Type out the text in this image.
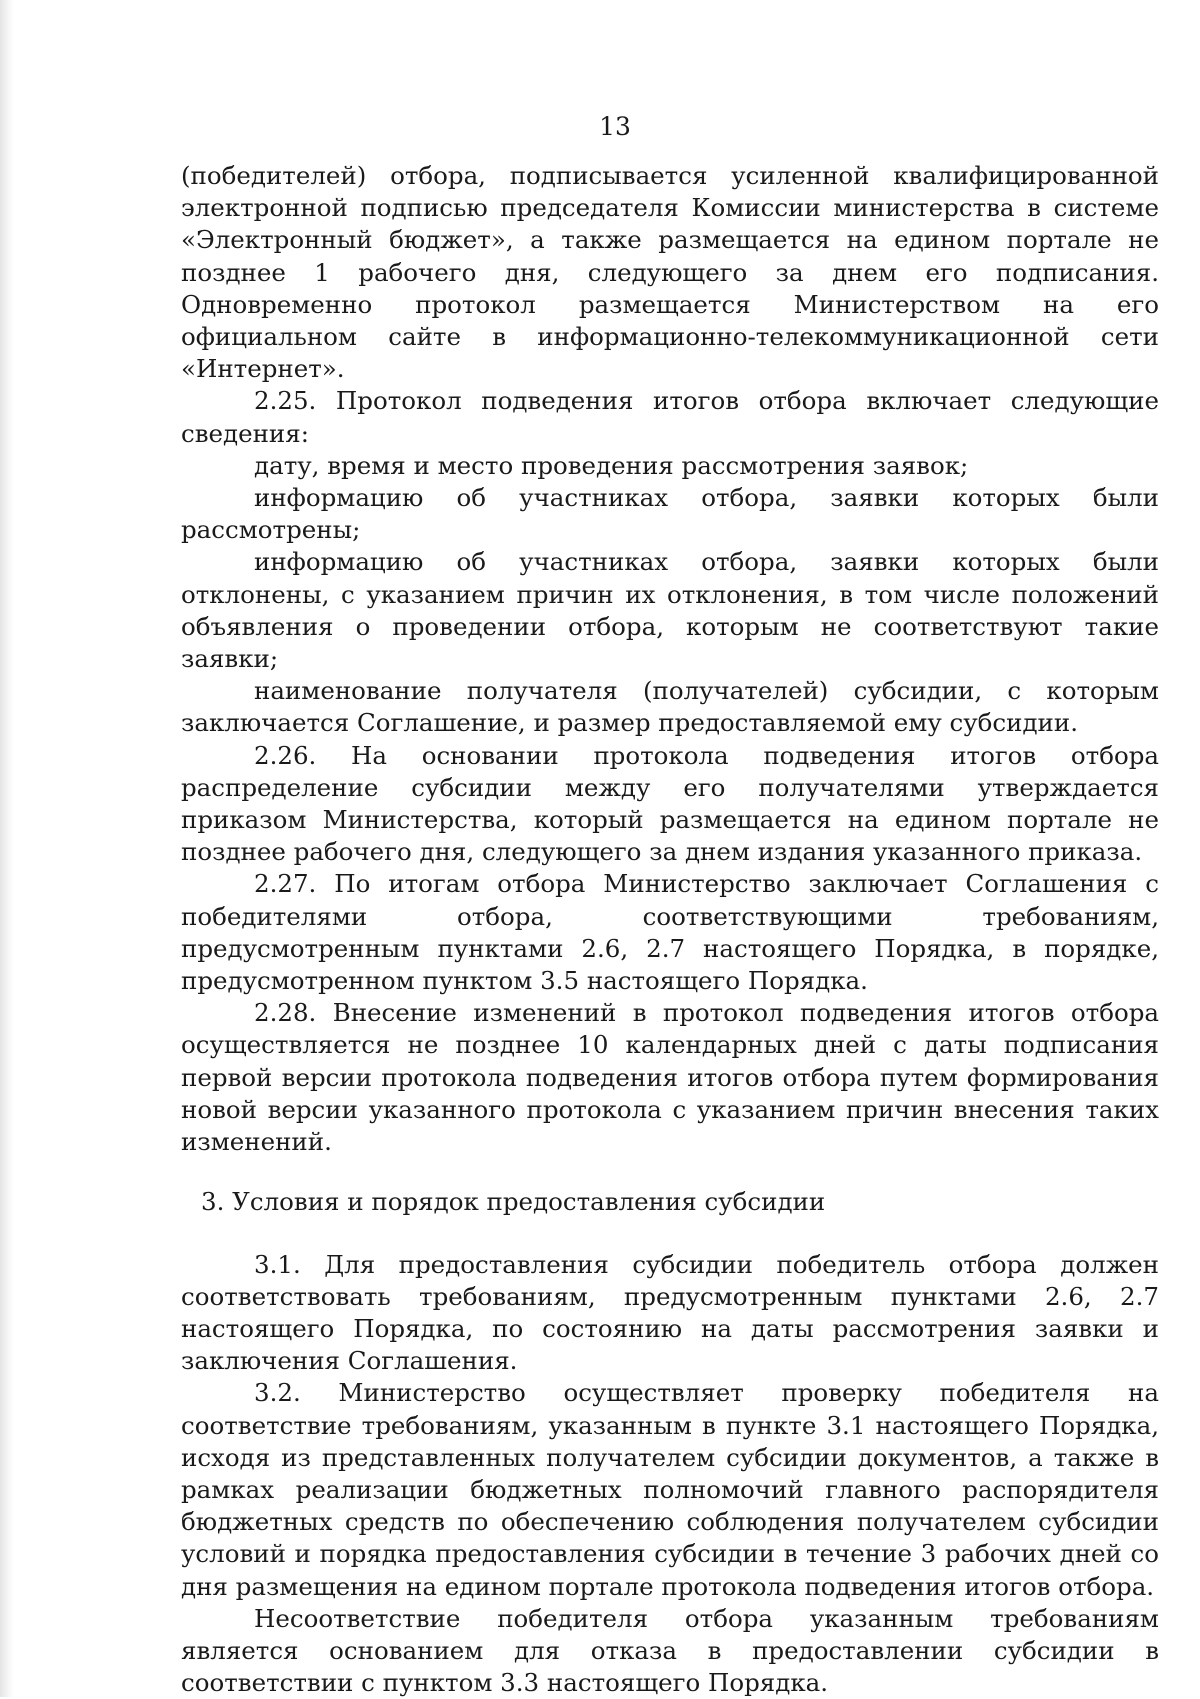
13

(победителей) отбора, подписывается усиленной квалифицированной электронной подписью председателя Комиссии министерства в системе «Электронный бюджет», а также размещается на едином портале не позднее 1 рабочего дня, следующего за днем его подписания. Одновременно протокол размещается Министерством на его официальном сайте в информационно-телекоммуникационной сети «Интернет».

2.25. Протокол подведения итогов отбора включает следующие сведения:

дату, время и место проведения рассмотрения заявок;

информацию об участниках отбора, заявки которых были рассмотрены;

информацию об участниках отбора, заявки которых были отклонены, с указанием причин их отклонения, в том числе положений объявления о проведении отбора, которым не соответствуют такие заявки;

наименование получателя (получателей) субсидии, с которым заключается Соглашение, и размер предоставляемой ему субсидии.

2.26. На основании протокола подведения итогов отбора распределение субсидии между его получателями утверждается приказом Министерства, который размещается на едином портале не позднее рабочего дня, следующего за днем издания указанного приказа.

2.27. По итогам отбора Министерство заключает Соглашения с победителями отбора, соответствующими требованиям, предусмотренным пунктами 2.6, 2.7 настоящего Порядка, в порядке, предусмотренном пунктом 3.5 настоящего Порядка.

2.28. Внесение изменений в протокол подведения итогов отбора осуществляется не позднее 10 календарных дней с даты подписания первой версии протокола подведения итогов отбора путем формирования новой версии указанного протокола с указанием причин внесения таких изменений.

3. Условия и порядок предоставления субсидии

3.1. Для предоставления субсидии победитель отбора должен соответствовать требованиям, предусмотренным пунктами 2.6, 2.7 настоящего Порядка, по состоянию на даты рассмотрения заявки и заключения Соглашения.

3.2. Министерство осуществляет проверку победителя на соответствие требованиям, указанным в пункте 3.1 настоящего Порядка, исходя из представленных получателем субсидии документов, а также в рамках реализации бюджетных полномочий главного распорядителя бюджетных средств по обеспечению соблюдения получателем субсидии условий и порядка предоставления субсидии в течение 3 рабочих дней со дня размещения на едином портале протокола подведения итогов отбора.

Несоответствие победителя отбора указанным требованиям является основанием для отказа в предоставлении субсидии в соответствии с пунктом 3.3 настоящего Порядка.
